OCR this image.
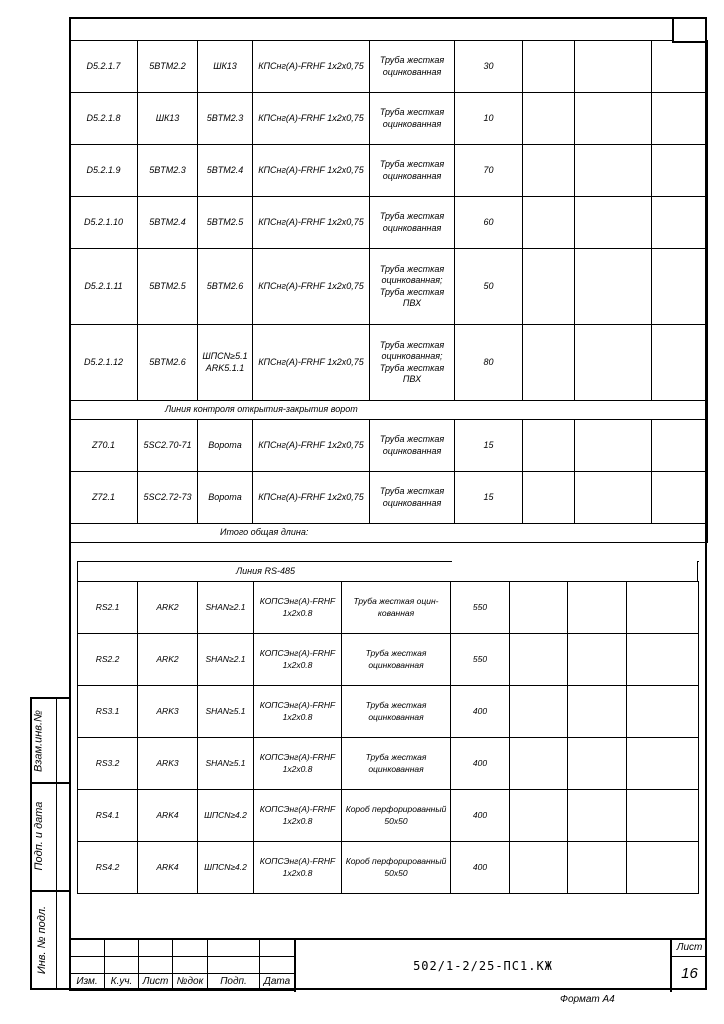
D5.2.1.7	5BTM2.2	ШК13	КПСнг(А)-FRHF 1х2х0,75	Труба жесткая оцинкованная	30			
D5.2.1.8	ШК13	5BTM2.3	КПСнг(А)-FRHF 1х2х0,75	Труба жесткая оцинкованная	10			
D5.2.1.9	5BTM2.3	5BTM2.4	КПСнг(А)-FRHF 1х2х0,75	Труба жесткая оцинкованная	70			
D5.2.1.10	5BTM2.4	5BTM2.5	КПСнг(А)-FRHF 1х2х0,75	Труба жесткая оцинкованная	60			
D5.2.1.11	5BTM2.5	5BTM2.6	КПСнг(А)-FRHF 1х2х0,75	Труба жесткая оцинкованная; Труба жесткая ПВХ	50			
D5.2.1.12	5BTM2.6	ШПСN≥5.1 ARK5.1.1	КПСнг(А)-FRHF 1х2х0,75	Труба жесткая оцинкованная; Труба жесткая ПВХ	80			
Линия контроля открытия-закрытия ворот								
Z70.1	5SC2.70-71	Ворота	КПСнг(А)-FRHF 1х2х0,75	Труба жесткая оцинкованная	15			
Z72.1	5SC2.72-73	Ворота	КПСнг(А)-FRHF 1х2х0,75	Труба жесткая оцинкованная	15			
Итого общая длина:								
Линия RS-485								
RS2.1	ARK2	SHAN≥2.1	КОПСЭнг(А)-FRHF 1х2х0.8	Труба жесткая оцин-кованная	550			
RS2.2	ARK2	SHAN≥2.1	КОПСЭнг(А)-FRHF 1х2х0.8	Труба жесткая оцинкованная	550			
RS3.1	ARK3	SHAN≥5.1	КОПСЭнг(А)-FRHF 1х2х0.8	Труба жесткая оцинкованная	400			
RS3.2	ARK3	SHAN≥5.1	КОПСЭнг(А)-FRHF 1х2х0.8	Труба жесткая оцинкованная	400			
RS4.1	ARK4	ШПСN≥4.2	КОПСЭнг(А)-FRHF 1х2х0.8	Короб перфорированный 50х50	400			
RS4.2	ARK4	ШПСN≥4.2	КОПСЭнг(А)-FRHF 1х2х0.8	Короб перфорированный 50х50	400			
Взам.инв.№
Подп. и дата
Инв. № подл.

Изм.	К.уч.	Лист	№док	Подп.	Дата
502/1-2/25-ПС1.КЖ
Лист
16
Формат А4
